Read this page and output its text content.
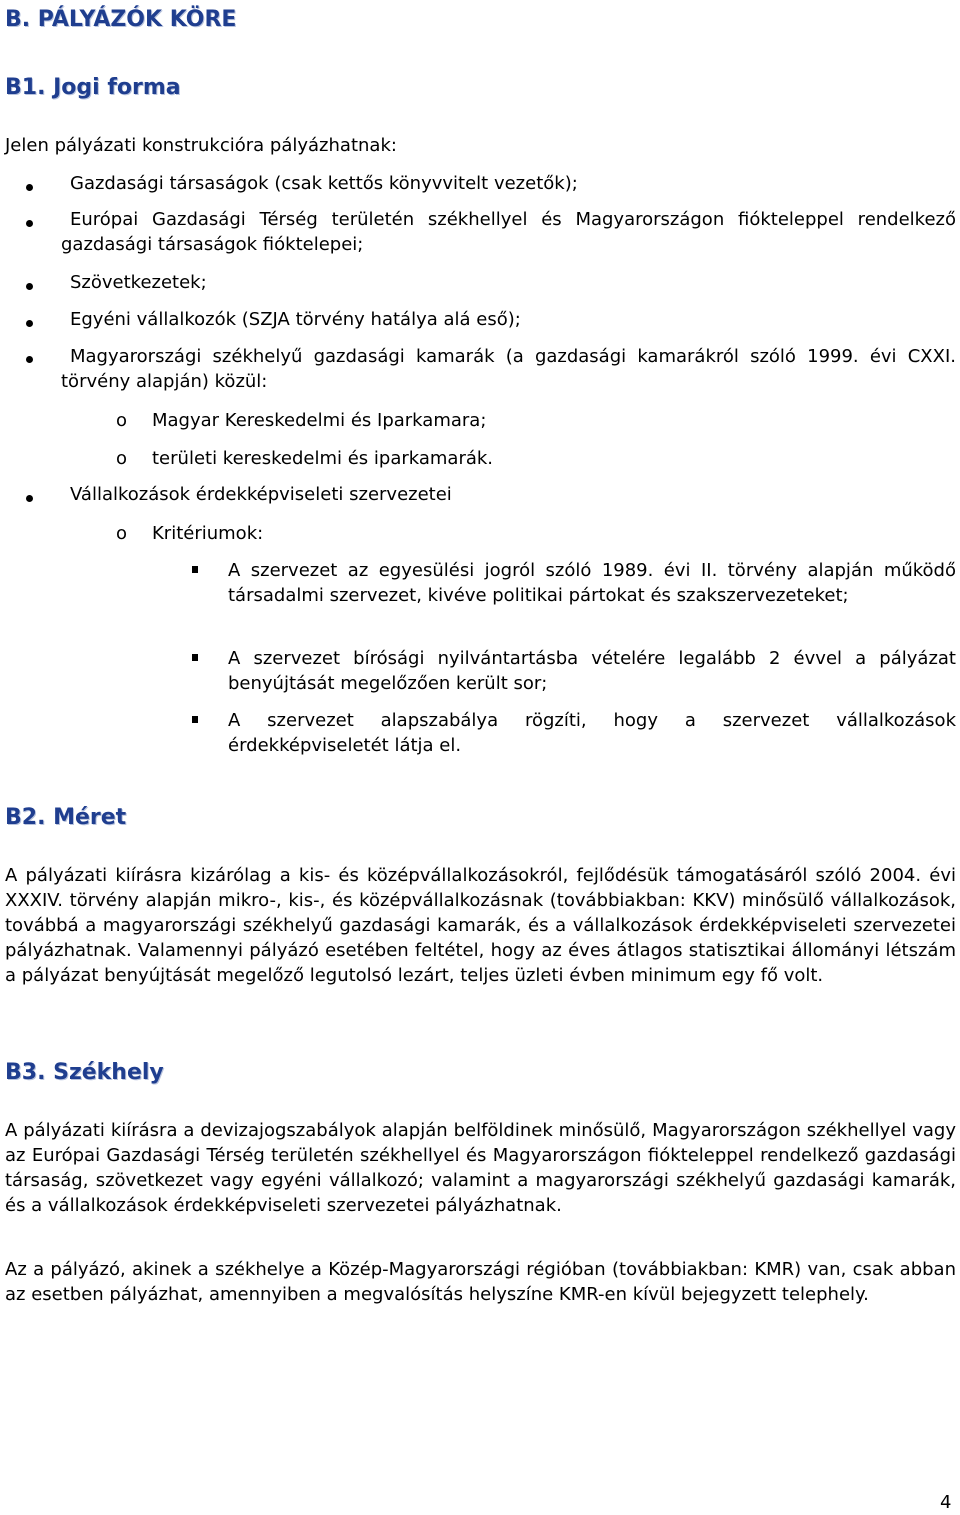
B. PÁLYÁZÓK KÖRE
B1. Jogi forma

Jelen pályázati konstrukcióra pályázhatnak:

Gazdasági társaságok (csak kettős könyvvitelt vezetők);

Európai Gazdasági Térség területén székhellyel és Magyarországon fiókteleppel rendelkező gazdasági társaságok fióktelepei;

Szövetkezetek;

Egyéni vállalkozók (SZJA törvény hatálya alá eső);

Magyarországi székhelyű gazdasági kamarák (a gazdasági kamarákról szóló 1999. évi CXXI. törvény alapján) közül:

o Magyar Kereskedelmi és Iparkamara;

o területi kereskedelmi és iparkamarák.

Vállalkozások érdekképviseleti szervezetei

o Kritériumok:

A szervezet az egyesülési jogról szóló 1989. évi II. törvény alapján működő társadalmi szervezet, kivéve politikai pártokat és szakszervezeteket;

A szervezet bírósági nyilvántartásba vételére legalább 2 évvel a pályázat benyújtását megelőzően került sor;

A szervezet alapszabálya rögzíti, hogy a szervezet vállalkozások érdekképviseletét látja el.

B2. Méret

A pályázati kiírásra kizárólag a kis- és középvállalkozásokról, fejlődésük támogatásáról szóló 2004. évi XXXIV. törvény alapján mikro-, kis-, és középvállalkozásnak (továbbiakban: KKV) minősülő vállalkozások, továbbá a magyarországi székhelyű gazdasági kamarák, és a vállalkozások érdekképviseleti szervezetei pályázhatnak. Valamennyi pályázó esetében feltétel, hogy az éves átlagos statisztikai állományi létszám a pályázat benyújtását megelőző legutolsó lezárt, teljes üzleti évben minimum egy fő volt.

B3. Székhely

A pályázati kiírásra a devizajogszabályok alapján belföldinek minősülő, Magyarországon székhellyel vagy az Európai Gazdasági Térség területén székhellyel és Magyarországon fiókteleppel rendelkező gazdasági társaság, szövetkezet vagy egyéni vállalkozó; valamint a magyarországi székhelyű gazdasági kamarák, és a vállalkozások érdekképviseleti szervezetei pályázhatnak.

Az a pályázó, akinek a székhelye a Közép-Magyarországi régióban (továbbiakban: KMR) van, csak abban az esetben pályázhat, amennyiben a megvalósítás helyszíne KMR-en kívül bejegyzett telephely.

4
